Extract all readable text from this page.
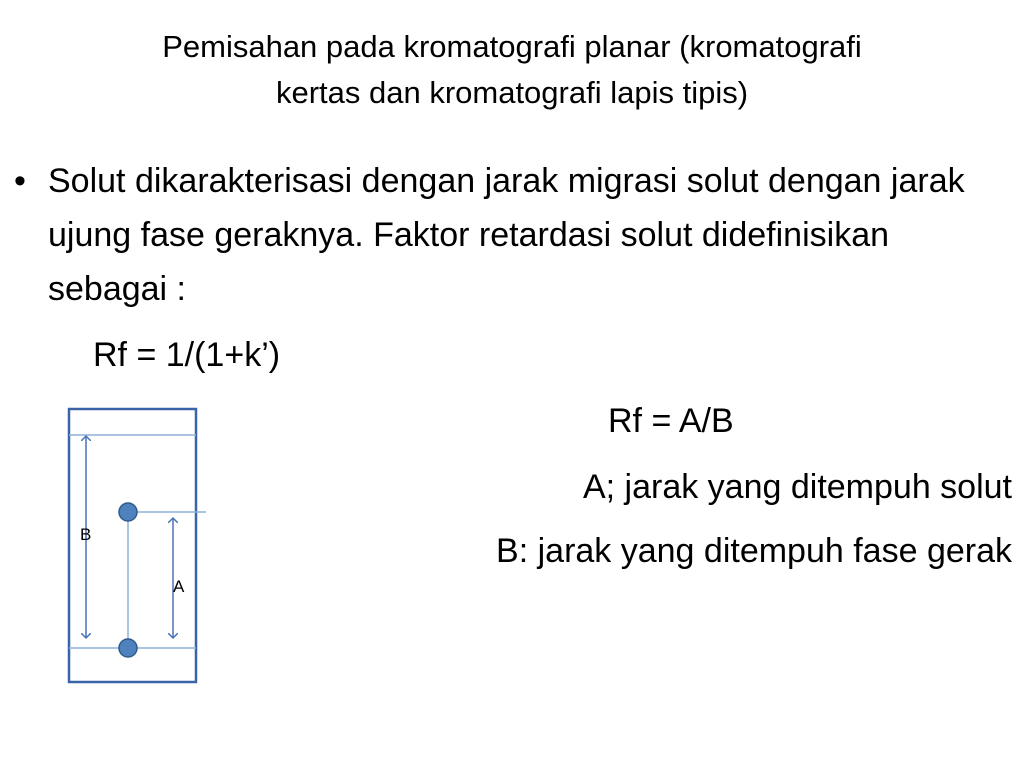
Pemisahan pada kromatografi planar (kromatografi
kertas dan kromatografi lapis tipis)
• Solut dikarakterisasi dengan jarak migrasi solut dengan jarak ujung fase geraknya. Faktor retardasi solut didefinisikan sebagai :
Rf = 1/(1+k’)
Rf = A/B
A; jarak yang ditempuh solut
B: jarak yang ditempuh fase gerak
B
A
